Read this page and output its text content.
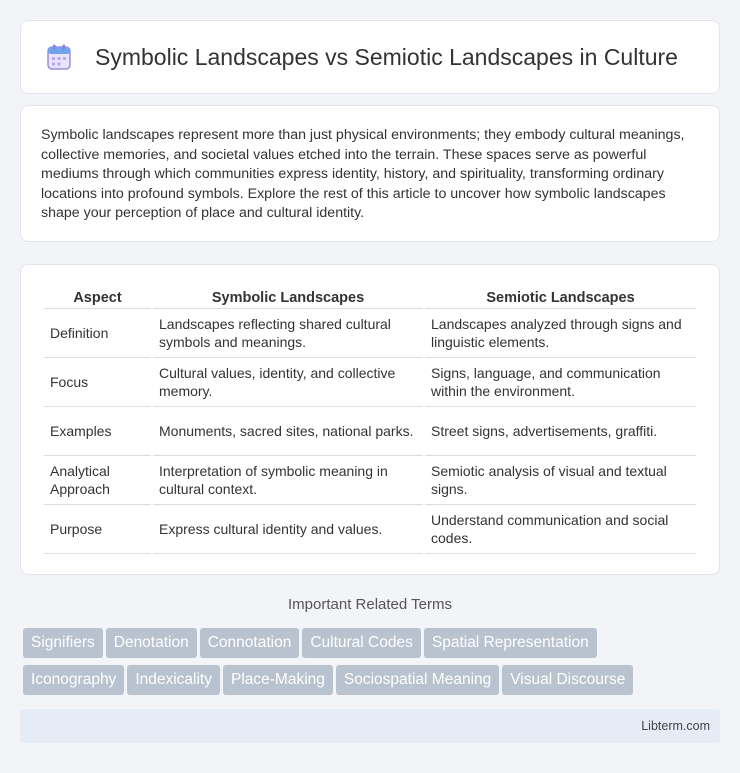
Symbolic Landscapes vs Semiotic Landscapes in Culture

Symbolic landscapes represent more than just physical environments; they embody cultural meanings, collective memories, and societal values etched into the terrain. These spaces serve as powerful mediums through which communities express identity, history, and spirituality, transforming ordinary locations into profound symbols. Explore the rest of this article to uncover how symbolic landscapes shape your perception of place and cultural identity.

Aspect	Symbolic Landscapes	Semiotic Landscapes
Definition	Landscapes reflecting shared cultural symbols and meanings.	Landscapes analyzed through signs and linguistic elements.
Focus	Cultural values, identity, and collective memory.	Signs, language, and communication within the environment.
Examples	Monuments, sacred sites, national parks.	Street signs, advertisements, graffiti.
Analytical Approach	Interpretation of symbolic meaning in cultural context.	Semiotic analysis of visual and textual signs.
Purpose	Express cultural identity and values.	Understand communication and social codes.
Important Related Terms
Signifiers Denotation Connotation Cultural Codes Spatial Representation
Iconography Indexicality Place-Making Sociospatial Meaning Visual Discourse
Libterm.com
